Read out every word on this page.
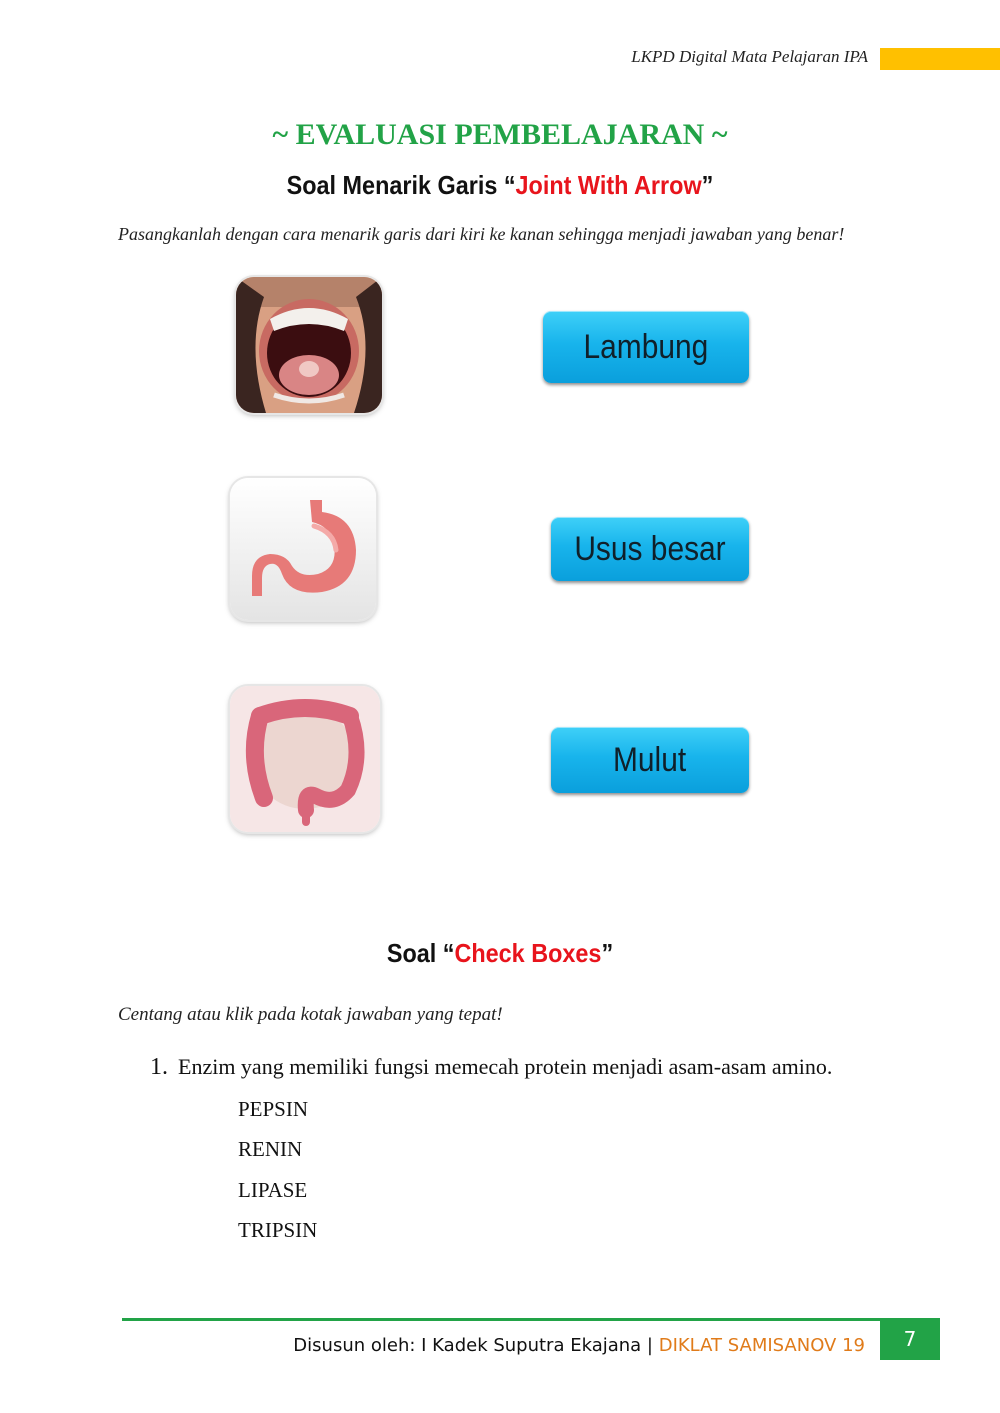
LKPD Digital Mata Pelajaran IPA
~ EVALUASI PEMBELAJARAN ~
Soal Menarik Garis “Joint With Arrow”
Pasangkanlah dengan cara menarik garis dari kiri ke kanan sehingga menjadi jawaban yang benar!
Lambung
Usus besar
Mulut
Soal “Check Boxes”
Centang atau klik pada kotak jawaban yang tepat!
1. Enzim yang memiliki fungsi memecah protein menjadi asam-asam amino.
PEPSIN
RENIN
LIPASE
TRIPSIN
Disusun oleh: I Kadek Suputra Ekajana | DIKLAT SAMISANOV 19	7
